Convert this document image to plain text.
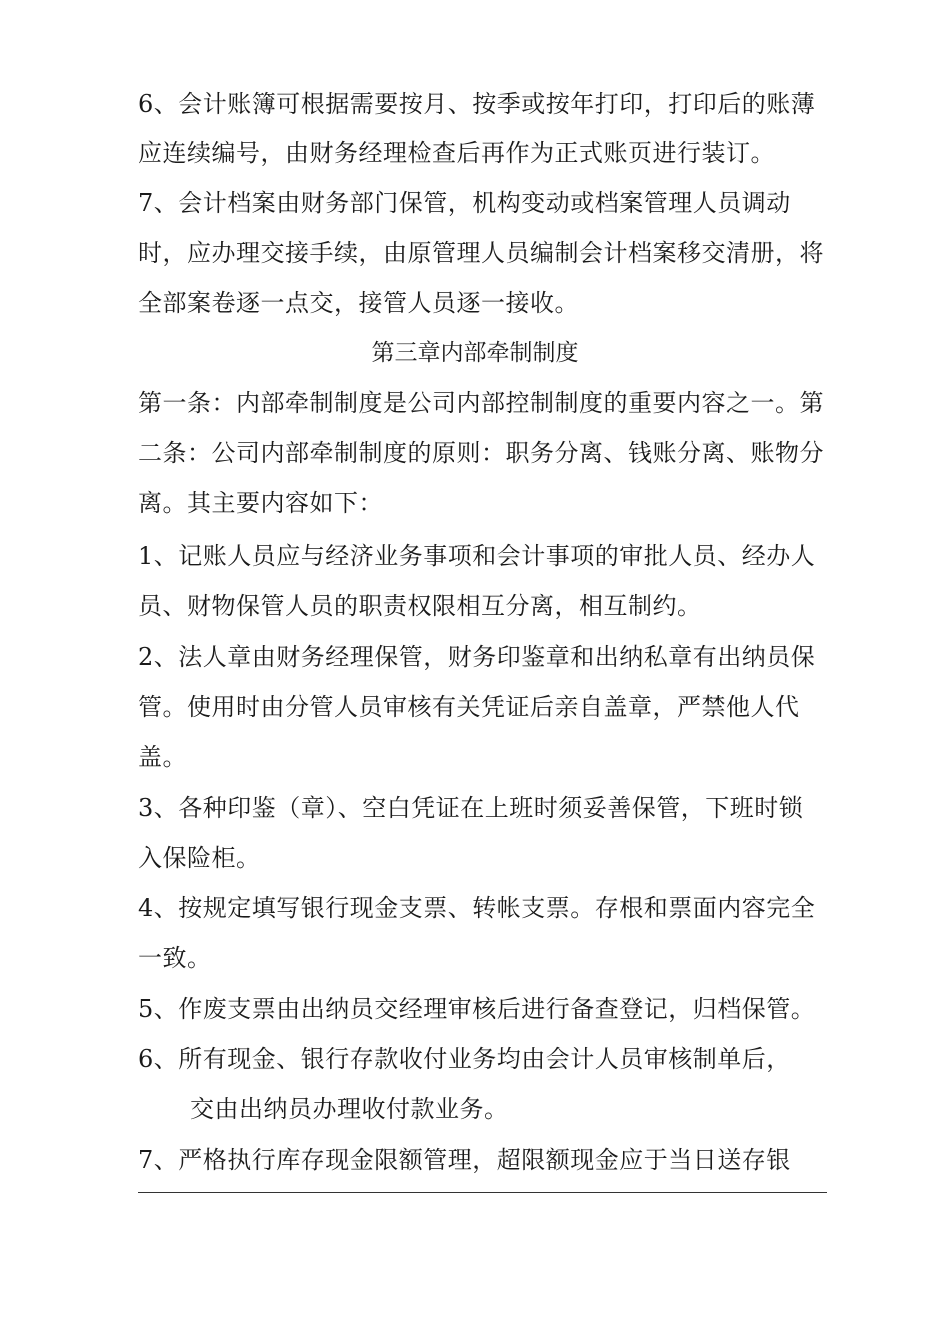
6、会计账簿可根据需要按月、按季或按年打印，打印后的账薄
应连续编号，由财务经理检查后再作为正式账页进行装订。
7、会计档案由财务部门保管，机构变动或档案管理人员调动
时，应办理交接手续，由原管理人员编制会计档案移交清册，将
全部案卷逐一点交，接管人员逐一接收。
第三章内部牵制制度
第一条：内部牵制制度是公司内部控制制度的重要内容之一。第
二条：公司内部牵制制度的原则：职务分离、钱账分离、账物分
离。其主要内容如下：
1、记账人员应与经济业务事项和会计事项的审批人员、经办人
员、财物保管人员的职责权限相互分离，相互制约。
2、法人章由财务经理保管，财务印鉴章和出纳私章有出纳员保
管。使用时由分管人员审核有关凭证后亲自盖章，严禁他人代
盖。
3、各种印鉴（章）、空白凭证在上班时须妥善保管，下班时锁
入保险柜。
4、按规定填写银行现金支票、转帐支票。存根和票面内容完全
一致。
5、作废支票由出纳员交经理审核后进行备查登记，归档保管。
6、所有现金、银行存款收付业务均由会计人员审核制单后，
交由出纳员办理收付款业务。
7、严格执行库存现金限额管理，超限额现金应于当日送存银
